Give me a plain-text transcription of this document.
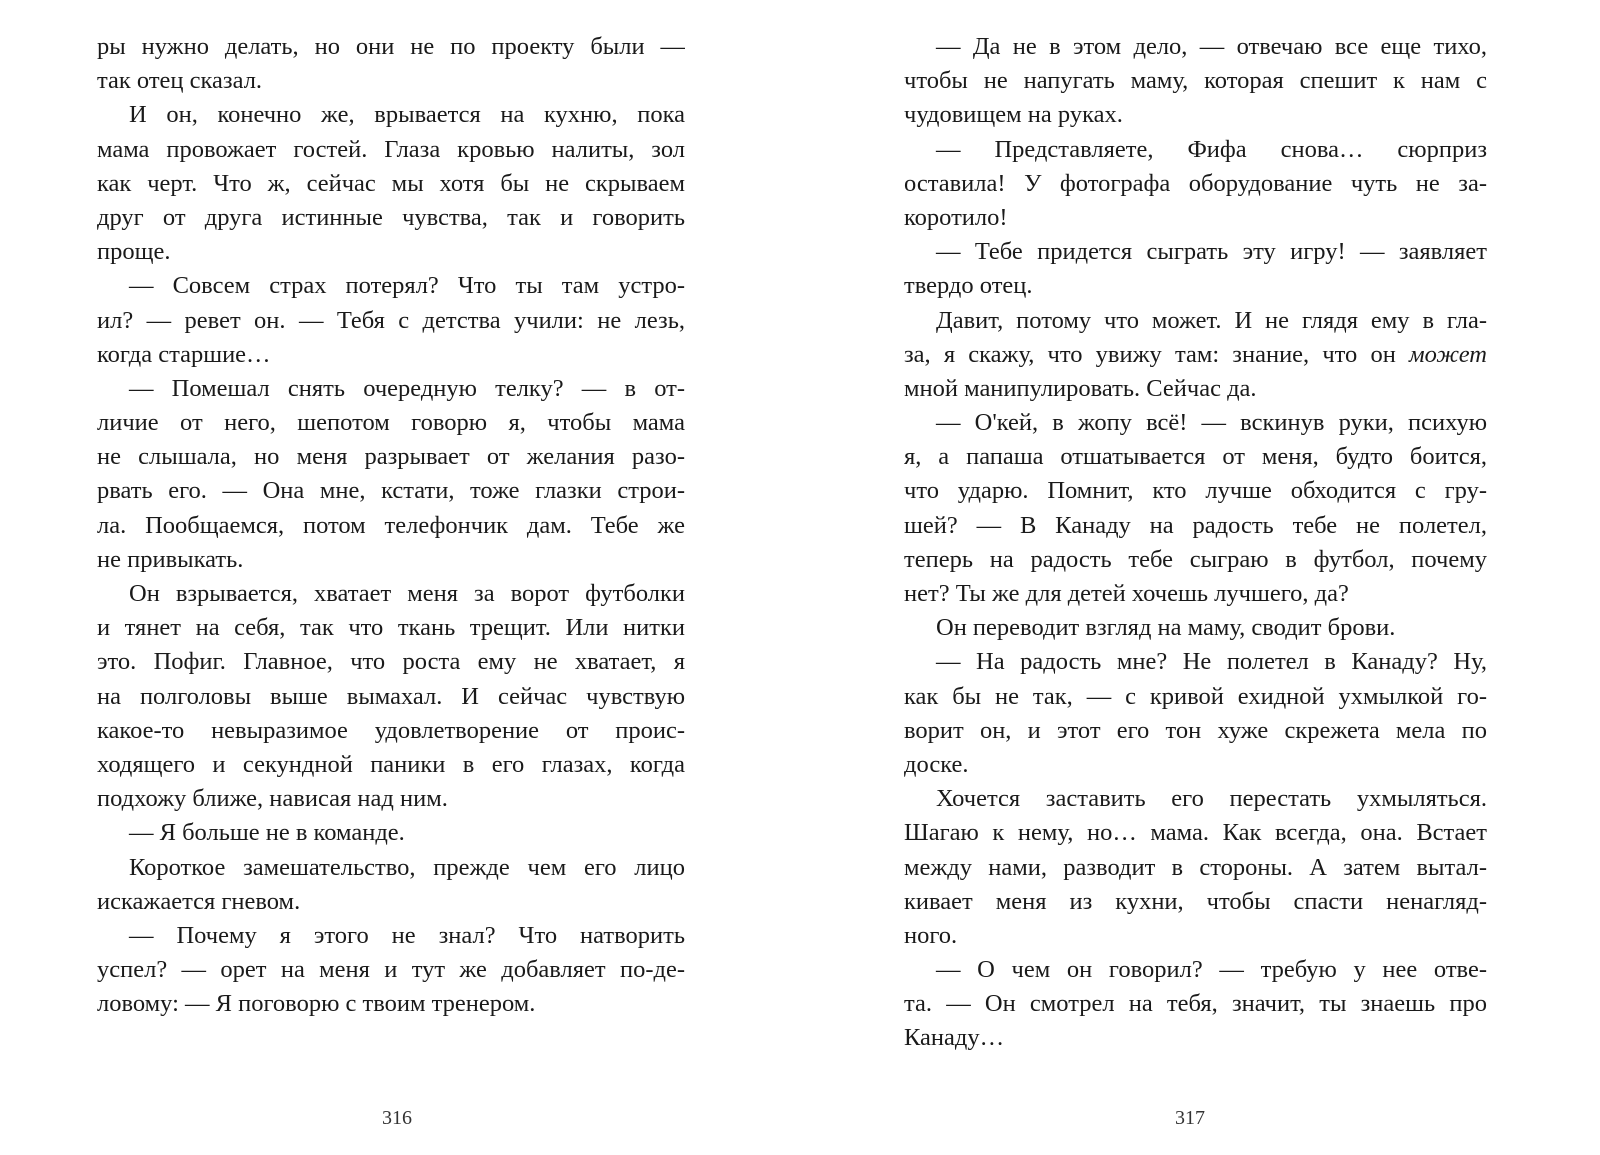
ры нужно делать, но они не по проекту были —
так отец сказал.
И он, конечно же, врывается на кухню, пока
мама провожает гостей. Глаза кровью налиты, зол
как черт. Что ж, сейчас мы хотя бы не скрываем
друг от друга истинные чувства, так и говорить
проще.
— Совсем страх потерял? Что ты там устро-
ил? — ревет он. — Тебя с детства учили: не лезь,
когда старшие…
— Помешал снять очередную телку? — в от-
личие от него, шепотом говорю я, чтобы мама
не слышала, но меня разрывает от желания разо-
рвать его. — Она мне, кстати, тоже глазки строи-
ла. Пообщаемся, потом телефончик дам. Тебе же
не привыкать.
Он взрывается, хватает меня за ворот футболки
и тянет на себя, так что ткань трещит. Или нитки
это. Пофиг. Главное, что роста ему не хватает, я
на полголовы выше вымахал. И сейчас чувствую
какое-то невыразимое удовлетворение от проис-
ходящего и секундной паники в его глазах, когда
подхожу ближе, нависая над ним.
— Я больше не в команде.
Короткое замешательство, прежде чем его лицо
искажается гневом.
— Почему я этого не знал? Что натворить
успел? — орет на меня и тут же добавляет по-де-
ловому: — Я поговорю с твоим тренером.
316
— Да не в этом дело, — отвечаю все еще тихо,
чтобы не напугать маму, которая спешит к нам с
чудовищем на руках.
— Представляете, Фифа снова… сюрприз
оставила! У фотографа оборудование чуть не за-
коротило!
— Тебе придется сыграть эту игру! — заявляет
твердо отец.
Давит, потому что может. И не глядя ему в гла-
за, я скажу, что увижу там: знание, что он может
мной манипулировать. Сейчас да.
— О'кей, в жопу всё! — вскинув руки, психую
я, а папаша отшатывается от меня, будто боится,
что ударю. Помнит, кто лучше обходится с гру-
шей? — В Канаду на радость тебе не полетел,
теперь на радость тебе сыграю в футбол, почему
нет? Ты же для детей хочешь лучшего, да?
Он переводит взгляд на маму, сводит брови.
— На радость мне? Не полетел в Канаду? Ну,
как бы не так, — с кривой ехидной ухмылкой го-
ворит он, и этот его тон хуже скрежета мела по
доске.
Хочется заставить его перестать ухмыляться.
Шагаю к нему, но… мама. Как всегда, она. Встает
между нами, разводит в стороны. А затем вытал-
кивает меня из кухни, чтобы спасти ненагляд-
ного.
— О чем он говорил? — требую у нее отве-
та. — Он смотрел на тебя, значит, ты знаешь про
Канаду…
317
